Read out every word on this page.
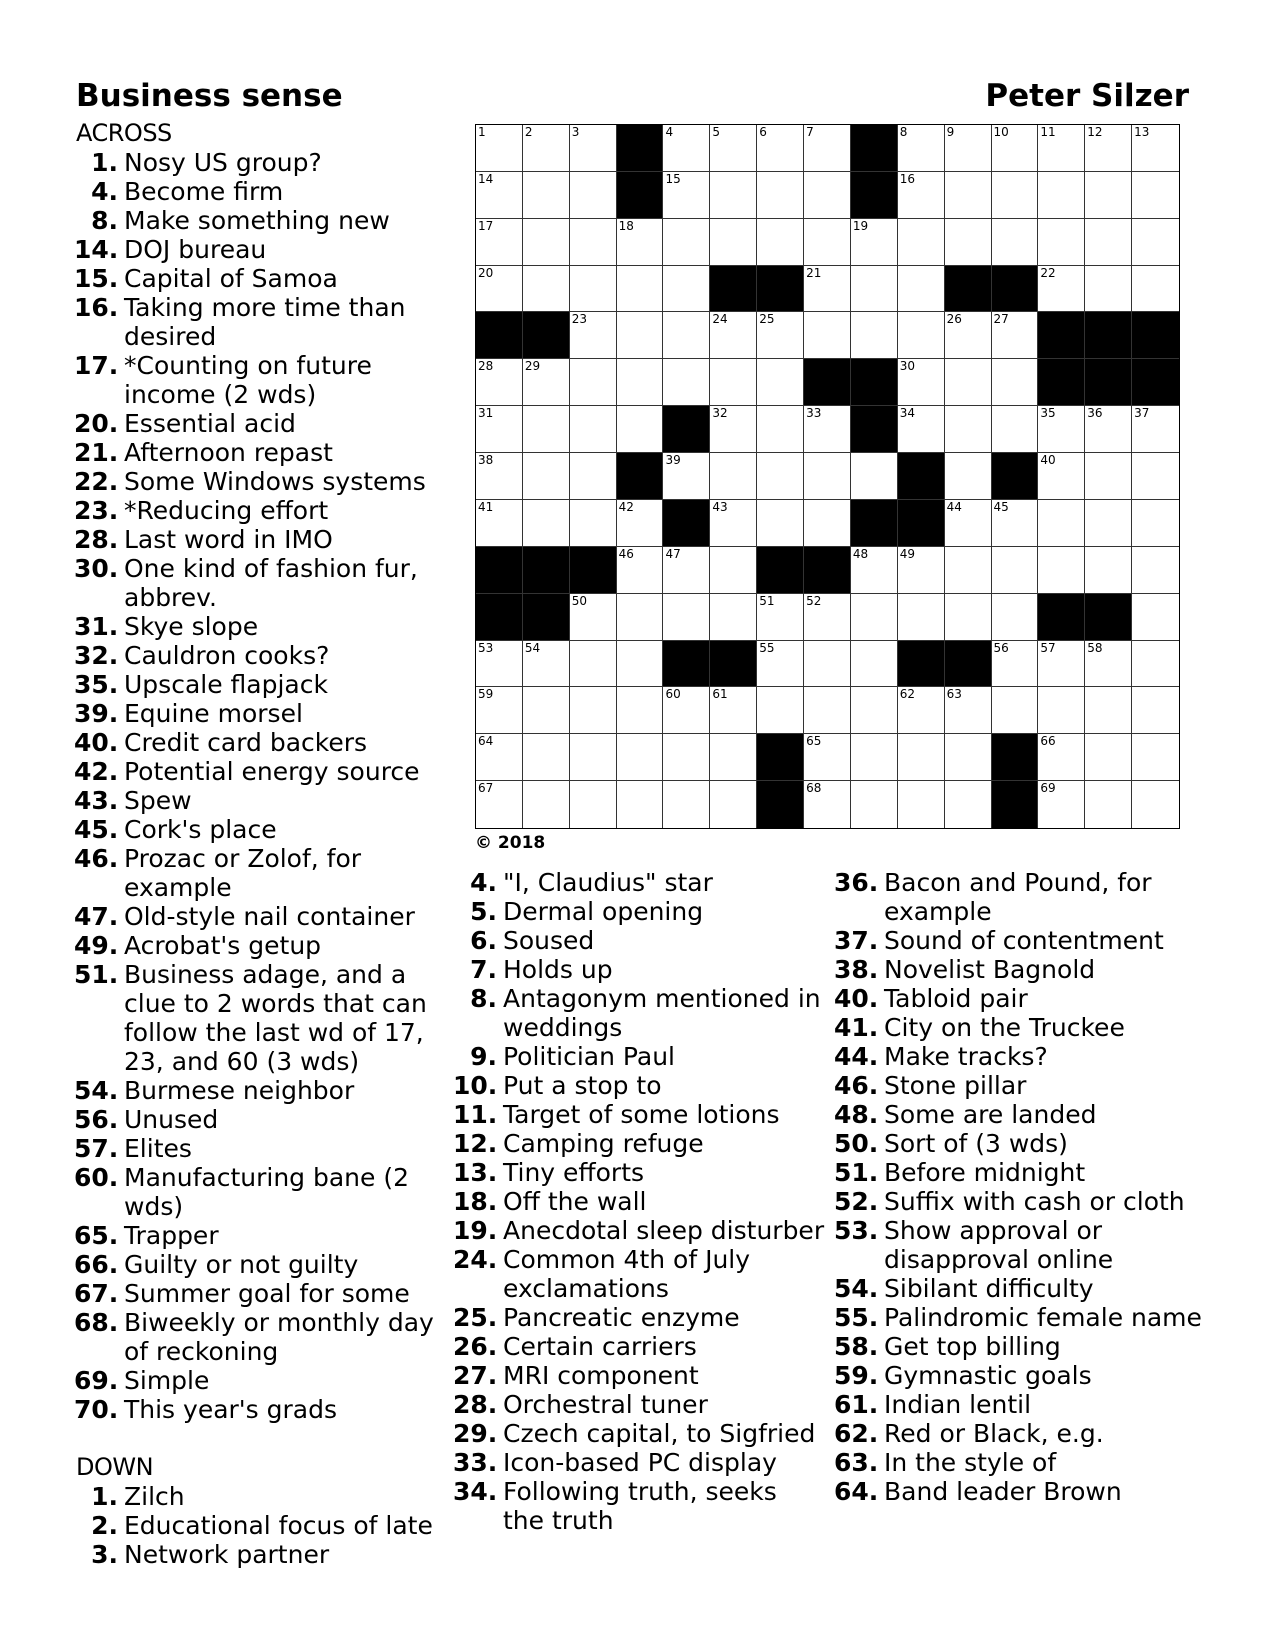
Business sense	Peter Silzer
ACROSS
1. Nosy US group?
4. Become firm
8. Make something new
14. DOJ bureau
15. Capital of Samoa
16. Taking more time than desired
17. *Counting on future income (2 wds)
20. Essential acid
21. Afternoon repast
22. Some Windows systems
23. *Reducing effort
28. Last word in IMO
30. One kind of fashion fur, abbrev.
31. Skye slope
32. Cauldron cooks?
35. Upscale flapjack
39. Equine morsel
40. Credit card backers
42. Potential energy source
43. Spew
45. Cork's place
46. Prozac or Zolof, for example
47. Old-style nail container
49. Acrobat's getup
51. Business adage, and a clue to 2 words that can follow the last wd of 17, 23, and 60 (3 wds)
54. Burmese neighbor
56. Unused
57. Elites
60. Manufacturing bane (2 wds)
65. Trapper
66. Guilty or not guilty
67. Summer goal for some
68. Biweekly or monthly day of reckoning
69. Simple
70. This year's grads
DOWN
1. Zilch
2. Educational focus of late
3. Network partner
4. "I, Claudius" star
5. Dermal opening
6. Soused
7. Holds up
8. Antagonym mentioned in weddings
9. Politician Paul
10. Put a stop to
11. Target of some lotions
12. Camping refuge
13. Tiny efforts
18. Off the wall
19. Anecdotal sleep disturber
24. Common 4th of July exclamations
25. Pancreatic enzyme
26. Certain carriers
27. MRI component
28. Orchestral tuner
29. Czech capital, to Sigfried
33. Icon-based PC display
34. Following truth, seeks the truth
36. Bacon and Pound, for example
37. Sound of contentment
38. Novelist Bagnold
40. Tabloid pair
41. City on the Truckee
44. Make tracks?
46. Stone pillar
48. Some are landed
50. Sort of (3 wds)
51. Before midnight
52. Suffix with cash or cloth
53. Show approval or disapproval online
54. Sibilant difficulty
55. Palindromic female name
58. Get top billing
59. Gymnastic goals
61. Indian lentil
62. Red or Black, e.g.
63. In the style of
64. Band leader Brown
1	2	3	4	5	6	7	8	9	10	11	12	13
14	15	16
17	18	19
20	21	22
23	24	25	26	27
28	29	30
31	32	33	34	35	36	37
38	39	40
41	42	43	44	45
46	47	48	49
50	51	52
53	54	55	56	57	58
59	60	61	62	63
64	65	66
67	68	69
© 2018
